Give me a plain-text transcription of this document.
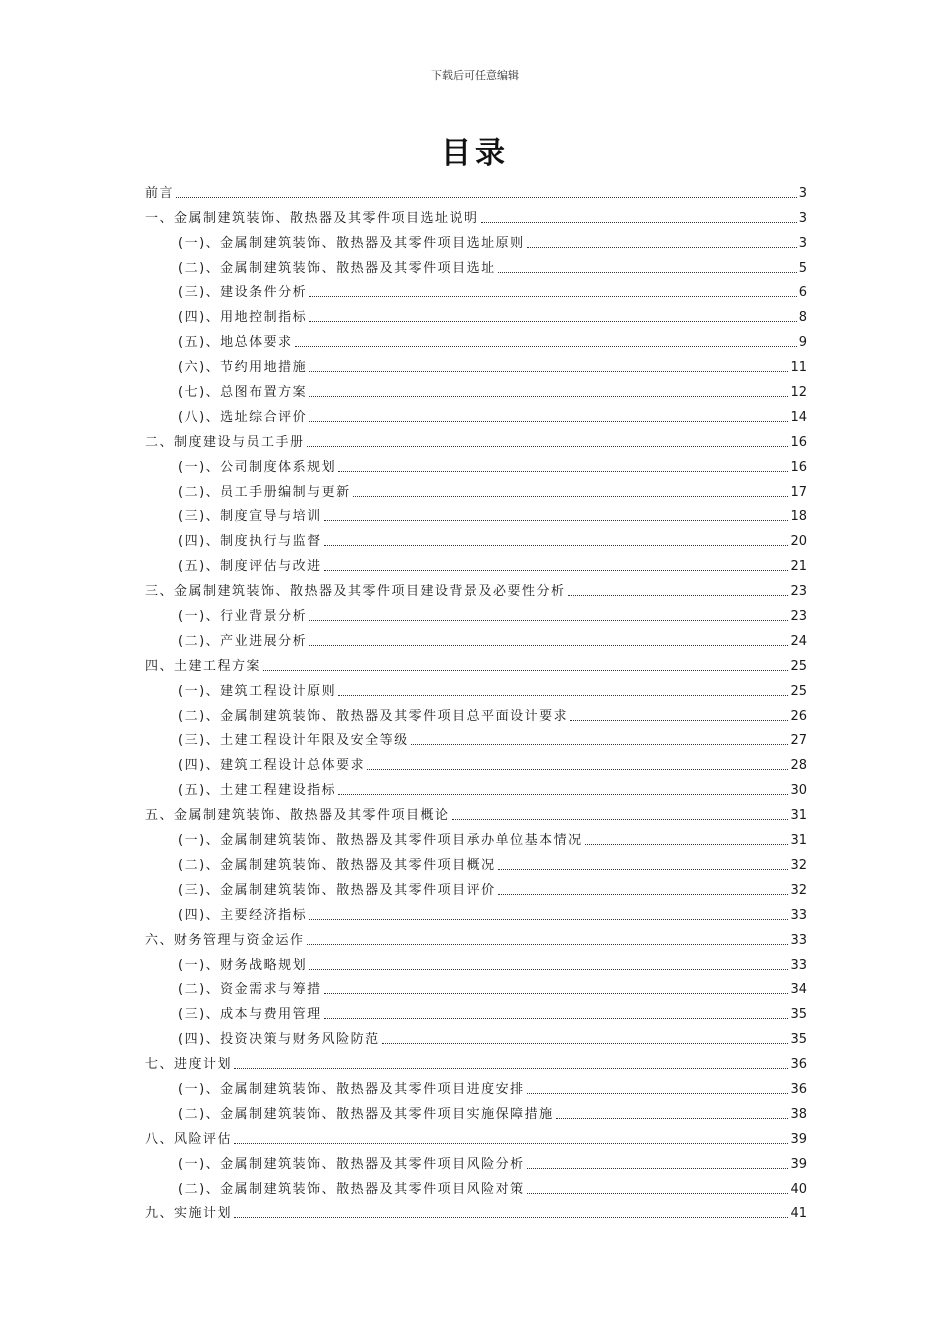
下载后可任意编辑
目录
前言	3
一、金属制建筑装饰、散热器及其零件项目选址说明	3
(一)、金属制建筑装饰、散热器及其零件项目选址原则	3
(二)、金属制建筑装饰、散热器及其零件项目选址	5
(三)、建设条件分析	6
(四)、用地控制指标	8
(五)、地总体要求	9
(六)、节约用地措施	11
(七)、总图布置方案	12
(八)、选址综合评价	14
二、制度建设与员工手册	16
(一)、公司制度体系规划	16
(二)、员工手册编制与更新	17
(三)、制度宣导与培训	18
(四)、制度执行与监督	20
(五)、制度评估与改进	21
三、金属制建筑装饰、散热器及其零件项目建设背景及必要性分析	23
(一)、行业背景分析	23
(二)、产业进展分析	24
四、土建工程方案	25
(一)、建筑工程设计原则	25
(二)、金属制建筑装饰、散热器及其零件项目总平面设计要求	26
(三)、土建工程设计年限及安全等级	27
(四)、建筑工程设计总体要求	28
(五)、土建工程建设指标	30
五、金属制建筑装饰、散热器及其零件项目概论	31
(一)、金属制建筑装饰、散热器及其零件项目承办单位基本情况	31
(二)、金属制建筑装饰、散热器及其零件项目概况	32
(三)、金属制建筑装饰、散热器及其零件项目评价	32
(四)、主要经济指标	33
六、财务管理与资金运作	33
(一)、财务战略规划	33
(二)、资金需求与筹措	34
(三)、成本与费用管理	35
(四)、投资决策与财务风险防范	35
七、进度计划	36
(一)、金属制建筑装饰、散热器及其零件项目进度安排	36
(二)、金属制建筑装饰、散热器及其零件项目实施保障措施	38
八、风险评估	39
(一)、金属制建筑装饰、散热器及其零件项目风险分析	39
(二)、金属制建筑装饰、散热器及其零件项目风险对策	40
九、实施计划	41
